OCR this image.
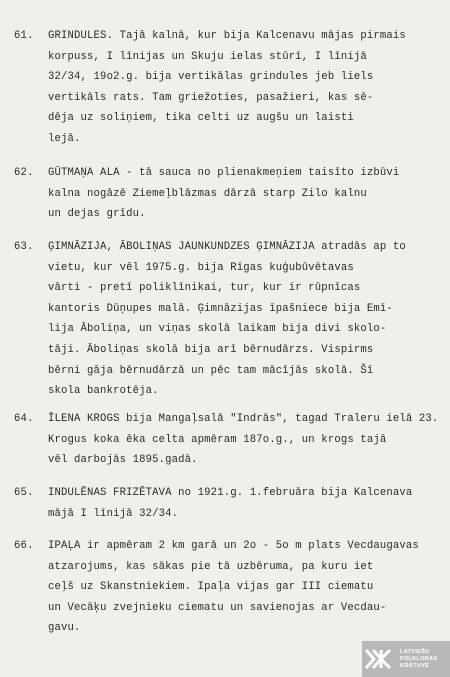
61. GRINDULES. Tajā kalnā, kur bija Kalcenavu mājas pirmais
korpuss, I līnijas un Skuju ielas stūrī, I līnijā
32/34, 19o2.g. bija vertikālas grindules jeb liels
vertikāls rats. Tam griežoties, pasažieri, kas sē-
dēja uz soliņiem, tika celti uz augšu un laisti
lejā.
62. GŪTMAŅA ALA - tā sauca no plienakmeņiem taisīto izbūvi
kalna nogāzē Ziemeļblāzmas dārzā starp Zilo kalnu
un dejas grīdu.
63. ĢIMNĀZIJA, ĀBOLIŅAS JAUNKUNDZES ĢIMNĀZIJA atradās ap to
vietu, kur vēl 1975.g. bija Rīgas kuģubūvētavas
vārti - pretī poliklīnikai, tur, kur ir rūpnīcas
kantoris Dūņupes malā. Ģimnāzijas īpašniece bija Emī-
lija Āboliņa, un viņas skolā laikam bija divi skolo-
tāji. Āboliņas skolā bija arī bērnudārzs. Vispirms
bērni gāja bērnudārzā un pēc tam mācījās skolā. Šī
skola bankrotēja.
64. ĪLENA KROGS bija Mangaļsalā "Indrās", tagad Traleru ielā 23.
Krogus koka ēka celta apmēram 187o.g., un krogs tajā
vēl darbojās 1895.gadā.
65. INDULĒNAS FRIZĒTAVA no 1921.g. 1.februāra bija Kalcenava
mājā I līnijā 32/34.
66. IPAĻA ir apmēram 2 km garā un 2o - 5o m plats Vecdaugavas
atzarojums, kas sākas pie tā uzbēruma, pa kuru iet
ceļš uz Skanstniekiem. Ipaļa vijas gar III ciematu
un Vecāķu zvejnieku ciematu un savienojas ar Vecdau-
gavu.
LATVIEŠU
FOLKLORAS
KRĀTUVE
